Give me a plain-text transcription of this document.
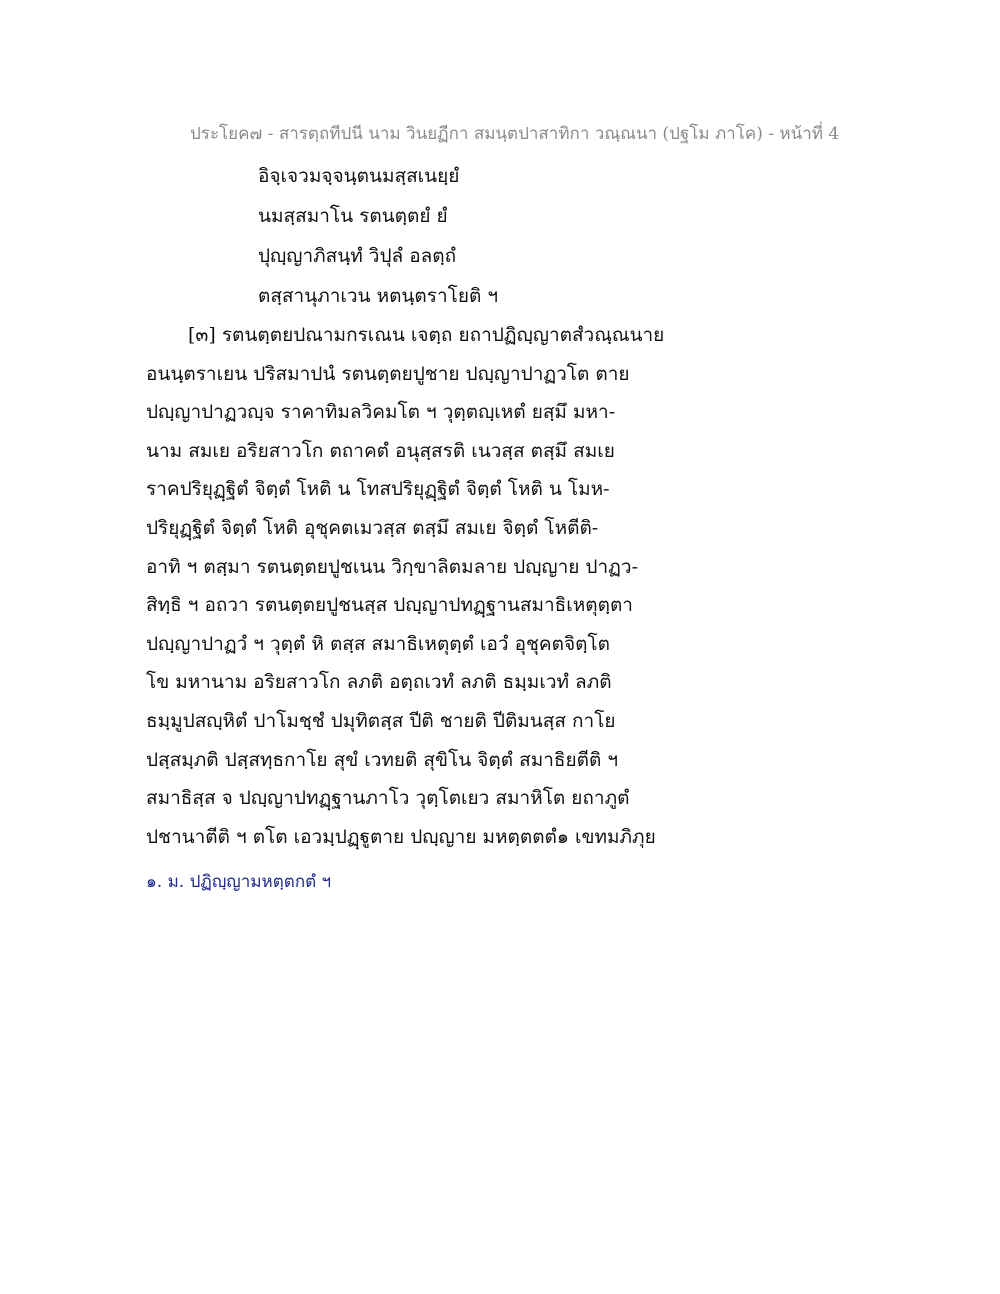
ประโยค๗ - สารตฺถทีปนี นาม วินยฏีกา สมนฺตปาสาทิกา วณฺณนา (ปฐโม ภาโค) - หน้าที่ 4
อิจฺเจวมจฺจนฺตนมสฺสเนยฺยํ
นมสฺสมาโน รตนตฺตยํ ยํ
ปุญฺญาภิสนฺทํ วิปุลํ อลตฺถํ
ตสฺสานุภาเวน หตนฺตราโยติ ฯ
[๓] รตนตฺตยปณามกรเณน เจตฺถ ยถาปฏิญฺญาตสํวณฺณนาย
อนนฺตราเยน ปริสมาปนํ รตนตฺตยปูชาย ปญฺญาปาฏวโต ตาย
ปญฺญาปาฏวญฺจ ราคาทิมลวิคมโต ฯ วุตฺตญฺเหตํ ยสฺมึ มหา-
นาม สมเย อริยสาวโก ตถาคตํ อนุสฺสรติ เนวสฺส ตสฺมึ สมเย
ราคปริยุฏฺฐิตํ จิตฺตํ โหติ น โทสปริยุฏฺฐิตํ จิตฺตํ โหติ น โมห-
ปริยุฏฺฐิตํ จิตฺตํ โหติ อุชุคตเมวสฺส ตสฺมึ สมเย จิตฺตํ โหตีติ-
อาทิ ฯ ตสฺมา รตนตฺตยปูชเนน วิกฺขาลิตมลาย ปญฺญาย ปาฏว-
สิทฺธิ ฯ อถวา รตนตฺตยปูชนสฺส ปญฺญาปทฏฺฐานสมาธิเหตุตฺตา
ปญฺญาปาฏวํ ฯ วุตฺตํ หิ ตสฺส สมาธิเหตุตฺตํ เอวํ อุชุคตจิตฺโต
โข มหานาม อริยสาวโก ลภติ อตฺถเวทํ ลภติ ธมฺมเวทํ ลภติ
ธมฺมูปสญฺหิตํ ปาโมชฺชํ ปมุทิตสฺส ปีติ ชายติ ปีติมนสฺส กาโย
ปสฺสมฺภติ ปสฺสทฺธกาโย สุขํ เวทยติ สุขิโน จิตฺตํ สมาธิยตีติ ฯ
สมาธิสฺส จ ปญฺญาปทฏฺฐานภาโว วุตฺโตเยว สมาหิโต ยถาภูตํ
ปชานาตีติ ฯ ตโต เอวมฺปฏฺฐูตาย ปญฺญาย มหตฺตตตํ๑ เขทมภิภุย
๑. ม. ปฏิญฺญามหตฺตกตํ ฯ
